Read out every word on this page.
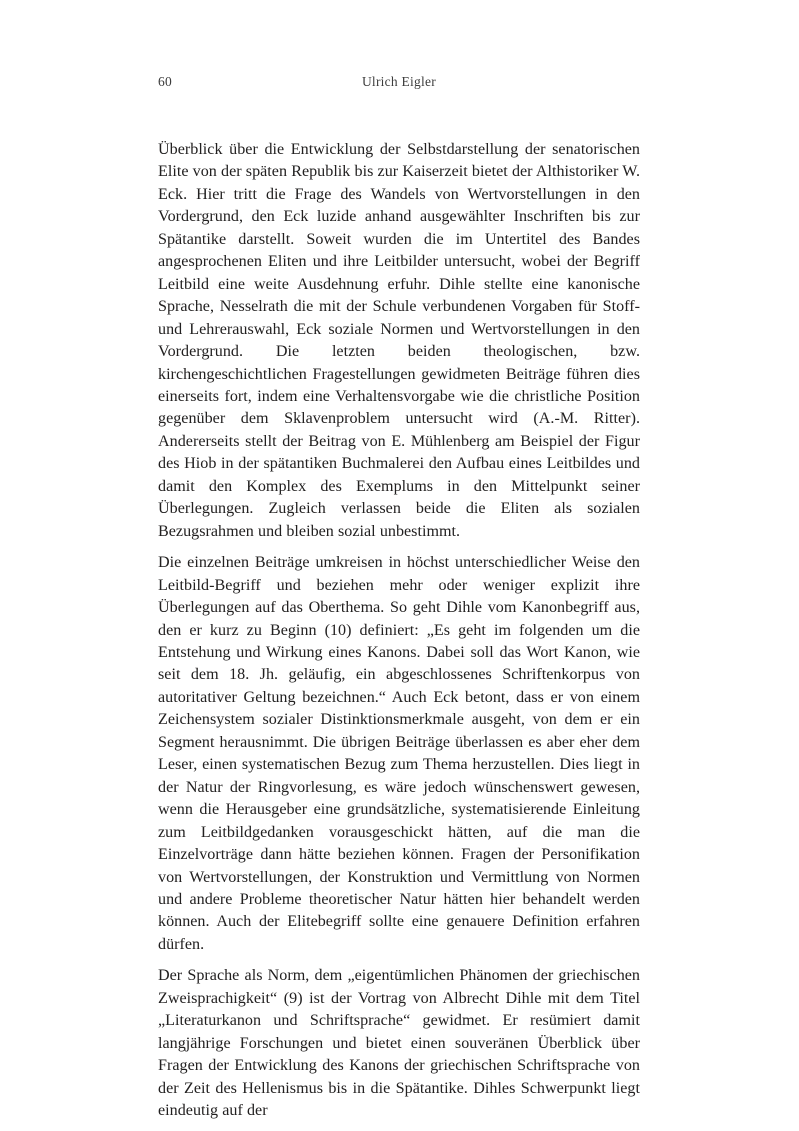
60	Ulrich Eigler

Überblick über die Entwicklung der Selbstdarstellung der senatorischen Elite von der späten Republik bis zur Kaiserzeit bietet der Althistoriker W. Eck. Hier tritt die Frage des Wandels von Wertvorstellungen in den Vordergrund, den Eck luzide anhand ausgewählter Inschriften bis zur Spätantike darstellt. Soweit wurden die im Untertitel des Bandes angesprochenen Eliten und ihre Leitbilder untersucht, wobei der Begriff Leitbild eine weite Ausdehnung erfuhr. Dihle stellte eine kanonische Sprache, Nesselrath die mit der Schule verbundenen Vorgaben für Stoff- und Lehrerauswahl, Eck soziale Normen und Wertvorstellungen in den Vordergrund. Die letzten beiden theologischen, bzw. kirchengeschichtlichen Fragestellungen gewidmeten Beiträge führen dies einerseits fort, indem eine Verhaltensvorgabe wie die christliche Position gegenüber dem Sklavenproblem untersucht wird (A.-M. Ritter). Andererseits stellt der Beitrag von E. Mühlenberg am Beispiel der Figur des Hiob in der spätantiken Buchmalerei den Aufbau eines Leitbildes und damit den Komplex des Exemplums in den Mittelpunkt seiner Überlegungen. Zugleich verlassen beide die Eliten als sozialen Bezugsrahmen und bleiben sozial unbestimmt.

Die einzelnen Beiträge umkreisen in höchst unterschiedlicher Weise den Leitbild-Begriff und beziehen mehr oder weniger explizit ihre Überlegungen auf das Oberthema. So geht Dihle vom Kanonbegriff aus, den er kurz zu Beginn (10) definiert: „Es geht im folgenden um die Entstehung und Wirkung eines Kanons. Dabei soll das Wort Kanon, wie seit dem 18. Jh. geläufig, ein abgeschlossenes Schriftenkorpus von autoritativer Geltung bezeichnen.“ Auch Eck betont, dass er von einem Zeichensystem sozialer Distinktionsmerkmale ausgeht, von dem er ein Segment herausnimmt. Die übrigen Beiträge überlassen es aber eher dem Leser, einen systematischen Bezug zum Thema herzustellen. Dies liegt in der Natur der Ringvorlesung, es wäre jedoch wünschenswert gewesen, wenn die Herausgeber eine grundsätzliche, systematisierende Einleitung zum Leitbildgedanken vorausgeschickt hätten, auf die man die Einzelvorträge dann hätte beziehen können. Fragen der Personifikation von Wertvorstellungen, der Konstruktion und Vermittlung von Normen und andere Probleme theoretischer Natur hätten hier behandelt werden können. Auch der Elitebegriff sollte eine genauere Definition erfahren dürfen.

Der Sprache als Norm, dem „eigentümlichen Phänomen der griechischen Zweisprachigkeit“ (9) ist der Vortrag von Albrecht Dihle mit dem Titel „Literaturkanon und Schriftsprache“ gewidmet. Er resümiert damit langjährige Forschungen und bietet einen souveränen Überblick über Fragen der Entwicklung des Kanons der griechischen Schriftsprache von der Zeit des Hellenismus bis in die Spätantike. Dihles Schwerpunkt liegt eindeutig auf der
